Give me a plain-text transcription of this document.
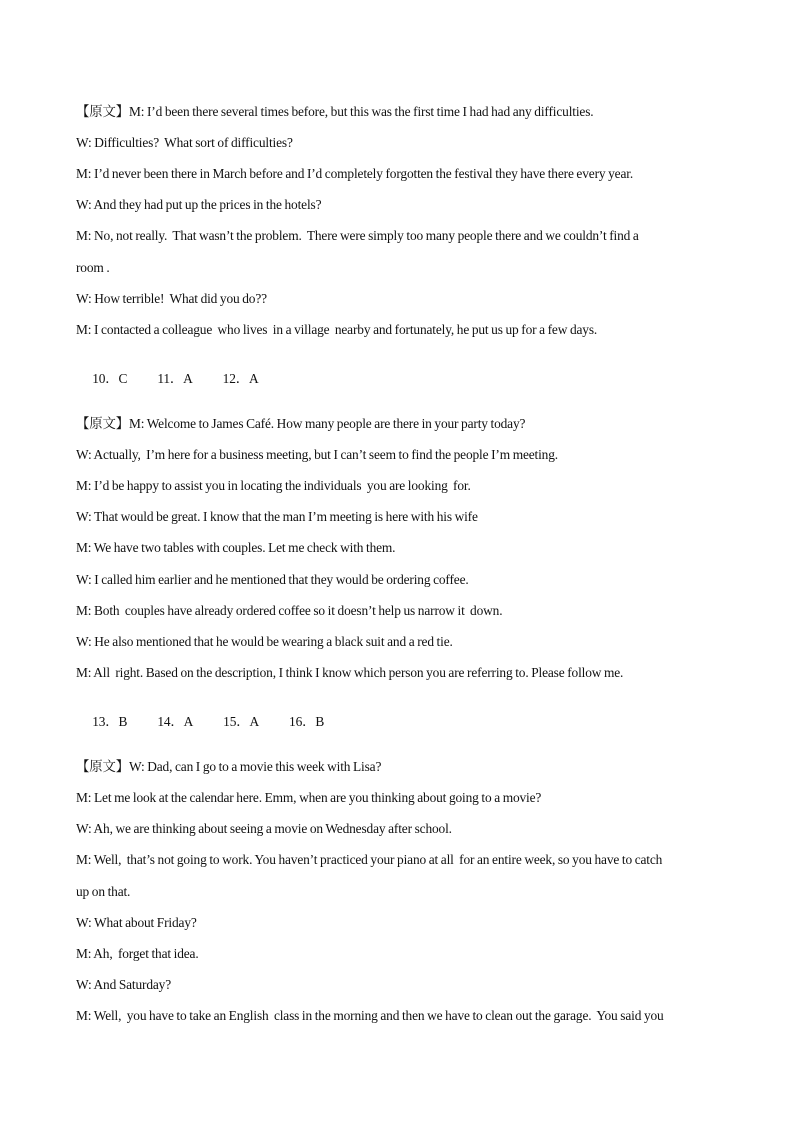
【原文】M: I’d been there several times before, but this was the first time I had had any difficulties.
W: Difficulties?  What sort of difficulties?
M: I’d never been there in March before and I’d completely forgotten the festival they have there every year.
W: And they had put up the prices in the hotels?
M: No, not really.  That wasn’t the problem.  There were simply too many people there and we couldn’t find a
room .
W: How terrible!  What did you do??
M: I contacted a colleague  who lives  in a village  nearby and fortunately, he put us up for a few days.

10．C 11．A 12．A

【原文】M: Welcome to James Café. How many people are there in your party today?
W: Actually,  I’m here for a business meeting, but I can’t seem to find the people I’m meeting.
M: I’d be happy to assist you in locating the individuals  you are looking  for.
W: That would be great. I know that the man I’m meeting is here with his wife
M: We have two tables with couples. Let me check with them.
W: I called him earlier and he mentioned that they would be ordering coffee.
M: Both  couples have already ordered coffee so it doesn’t help us narrow it  down.
W: He also mentioned that he would be wearing a black suit and a red tie.
M: All  right. Based on the description, I think I know which person you are referring to. Please follow me.

13．B 14．A 15．A 16．B

【原文】W: Dad, can I go to a movie this week with Lisa?
M: Let me look at the calendar here. Emm, when are you thinking about going to a movie?
W: Ah, we are thinking about seeing a movie on Wednesday after school.
M: Well,  that’s not going to work. You haven’t practiced your piano at all  for an entire week, so you have to catch
up on that.
W: What about Friday?
M: Ah,  forget that idea.
W: And Saturday?
M: Well,  you have to take an English  class in the morning and then we have to clean out the garage.  You said you
